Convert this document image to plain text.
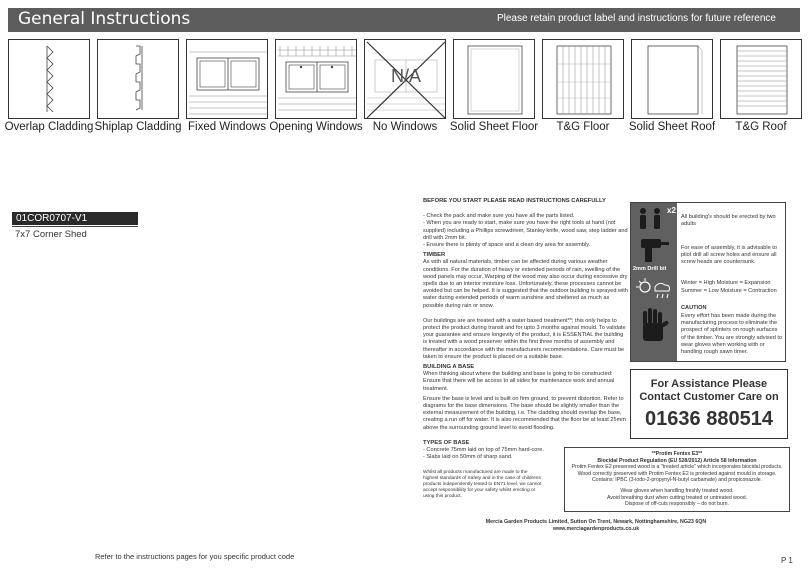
General Instructions	Please retain product label and instructions for future reference
Overlap Cladding Shiplap Cladding Fixed Windows Opening Windows
N/A
No Windows	Solid Sheet Floor	T&G Floor	Solid Sheet Roof	T&G Roof
01COR0707-V1
7x7 Corner Shed

BEFORE YOU START PLEASE READ INSTRUCTIONS CAREFULLY

- Check the pack and make sure you have all the parts listed.

- When you are ready to start, make sure you have the right tools at hand (not supplied) including a Phillips screwdriver, Stanley knife, wood saw, step ladder and drill with 2mm bit.

- Ensure there is plenty of space and a clean dry area for assembly.

TIMBER

As with all natural materials, timber can be affected during various weather conditions. For the duration of heavy or extended periods of rain, swelling of the wood panels may occur. Warping of the wood may also occur during excessive dry spells due to an interior moisture loss. Unfortunately, these processes cannot be avoided but can be helped. It is suggested that the outdoor building is sprayed with water during extended periods of warm sunshine and sheltered as much as possible during rain or snow.

Our buildings are are treated with a water based treatment**; this only helps to protect the product during transit and for upto 3 months against mould. To validate your guarantee and ensure longevity of the product, it is ESSENTIAL the building is treated with a wood preserver within the first three months of assembly and thereafter in accordance with the manufacturers recommendations. Care must be taken to ensure the product is placed on a suitable base.

BUILDING A BASE

When thinking about where the building and base is going to be constructed: Ensure that there will be access to all sides for maintenance work and annual treatment.

Ensure the base is level and is built on firm ground, to prevent distortion. Refer to diagrams for the base dimensions. The base should be slightly smaller than the external measurement of the building, i.e. The cladding should overlap the base, creating a run off for water. It is also recommended that the floor be at least 25mm above the surrounding ground level to avoid flooding.

TYPES OF BASE

- Concrete 75mm laid on top of 75mm hard-core.

- Slabs laid on 50mm of sharp sand.

Whilst all products manufactured are made to the highest standards of Safety and in the case of childrens products independently tested to EN71 level, we cannot accept responsibility for your safety whilst erecting or using this product.

x2
2mm Drill bit
All building's should be erected by two adults
For ease of assembly, it is advisable to pilot drill all screw holes and ensure all screw heads are countersunk.
Winter = High Moisture = Expansion
Summer = Low Moisture = Contraction
CAUTION
Every effort has been made during the manufacturing process to eliminate the prospect of splinters on rough surfaces of the timber. You are strongly advised to wear gloves when working with or handling rough sawn timer.
For Assistance Please
Contact Customer Care on
01636 880514
**Protim Fentex E3**
Biocidal Product Regulation (EU 528/2012) Article 58 Information
Protim Fentex E2 preserved wood is a "treated article" which incorporates biocidal products.
Wood correctly preserved with Protim Fentex E2 is protected against mould in storage.
Contains: IPBC (3-iodo-2-propynyl-N-butyl carbamate) and propiconazole.
Wear gloves when handling freshly treated wood.
Avoid breathing dust when cutting treated or untreated wood.
Dispose of off-cuts responsibly – do not burn.
Mercia Garden Products Limited, Sutton On Trent, Newark, Nottinghamshire, NG23 6QN
www.merciagardenproducts.co.uk
Refer to the instructions pages for you specific product code	P 1
